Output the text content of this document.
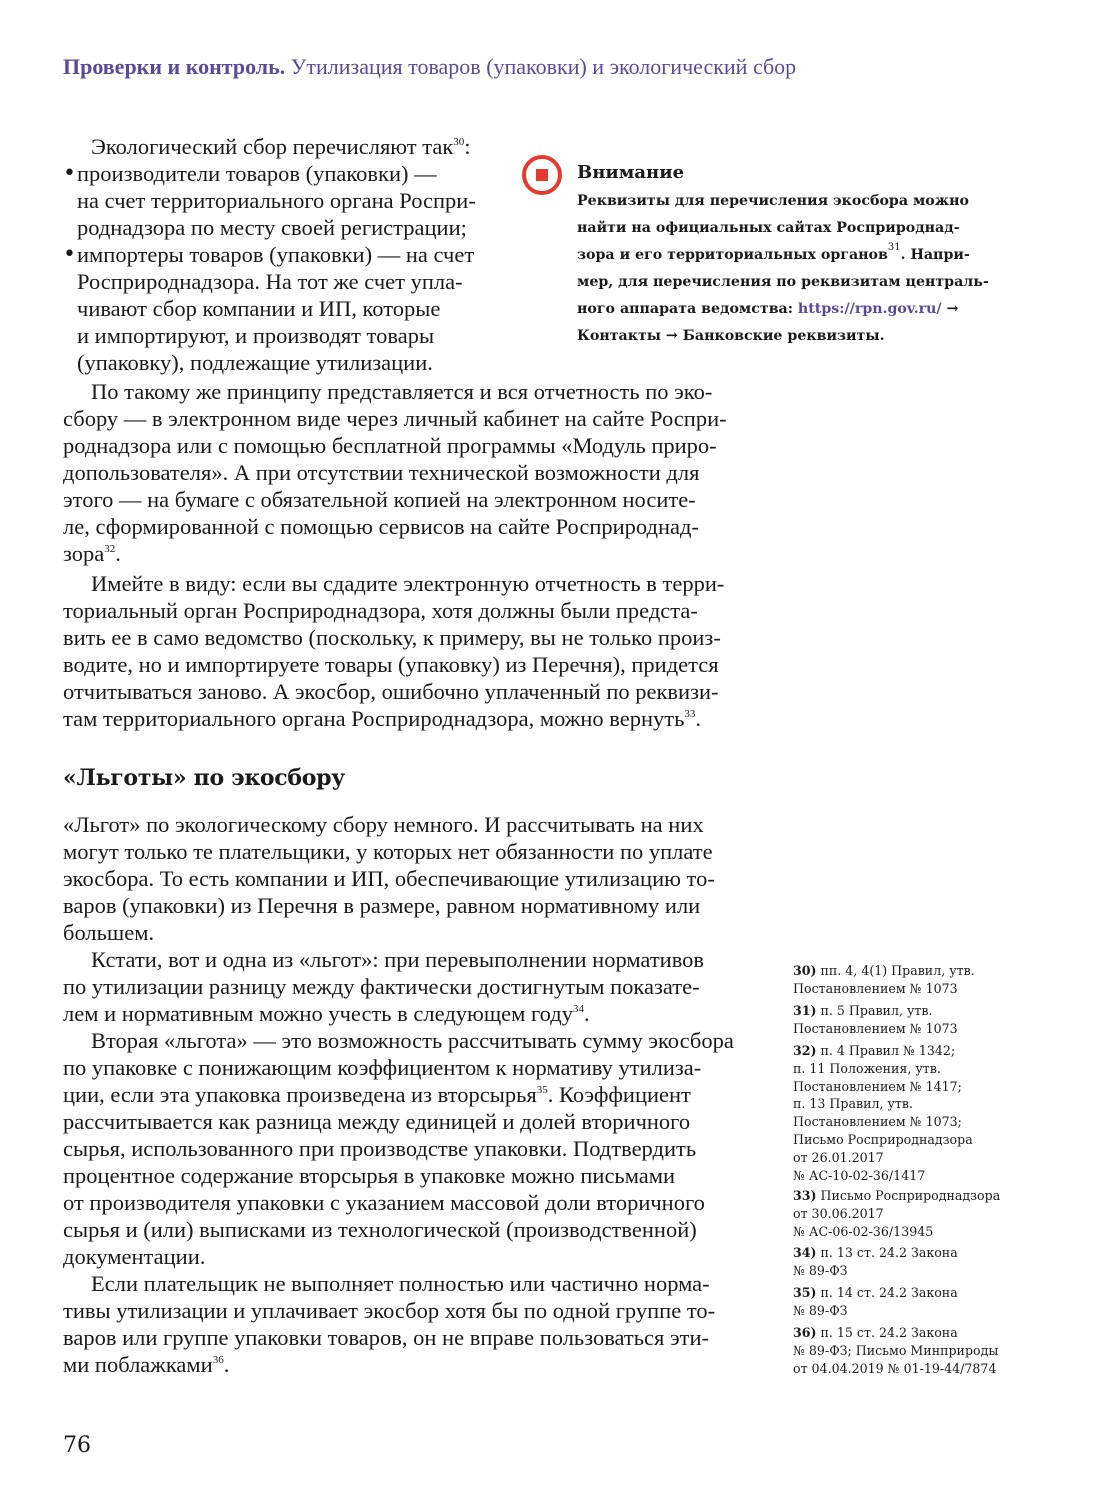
Проверки и контроль. Утилизация товаров (упаковки) и экологический сбор
Экологический сбор перечисляют так$^{30}$:
• производители товаров (упаковки) —
на счет территориального органа Роспри-
роднадзора по месту своей регистрации;
• импортеры товаров (упаковки) — на счет
Росприроднадзора. На тот же счет упла-
чивают сбор компании и ИП, которые
и импортируют, и производят товары
(упаковку), подлежащие утилизации.
Внимание
Реквизиты для перечисления экосбора можно
найти на официальных сайтах Росприроднад-
зора и его территориальных органов$^{31}$. Напри-
мер, для перечисления по реквизитам централь-
ного аппарата ведомства: https://rpn.gov.ru/ →
Контакты → Банковские реквизиты.
По такому же принципу представляется и вся отчетность по эко-
сбору — в электронном виде через личный кабинет на сайте Роспри-
роднадзора или с помощью бесплатной программы «Модуль приро-
допользователя». А при отсутствии технической возможности для
этого — на бумаге с обязательной копией на электронном носите-
ле, сформированной с помощью сервисов на сайте Росприроднад-
зора$^{32}$.
Имейте в виду: если вы сдадите электронную отчетность в терри-
ториальный орган Росприроднадзора, хотя должны были предста-
вить ее в само ведомство (поскольку, к примеру, вы не только произ-
водите, но и импортируете товары (упаковку) из Перечня), придется
отчитываться заново. А экосбор, ошибочно уплаченный по реквизи-
там территориального органа Росприроднадзора, можно вернуть$^{33}$.
«Льготы» по экосбору
«Льгот» по экологическому сбору немного. И рассчитывать на них
могут только те плательщики, у которых нет обязанности по уплате
экосбора. То есть компании и ИП, обеспечивающие утилизацию то-
варов (упаковки) из Перечня в размере, равном нормативному или
большем.
Кстати, вот и одна из «льгот»: при перевыполнении нормативов
по утилизации разницу между фактически достигнутым показате-
лем и нормативным можно учесть в следующем году$^{34}$.
Вторая «льгота» — это возможность рассчитывать сумму экосбора
по упаковке с понижающим коэффициентом к нормативу утилиза-
ции, если эта упаковка произведена из вторсырья$^{35}$. Коэффициент
рассчитывается как разница между единицей и долей вторичного
сырья, использованного при производстве упаковки. Подтвердить
процентное содержание вторсырья в упаковке можно письмами
от производителя упаковки с указанием массовой доли вторичного
сырья и (или) выписками из технологической (производственной)
документации.
Если плательщик не выполняет полностью или частично норма-
тивы утилизации и уплачивает экосбор хотя бы по одной группе то-
варов или группе упаковки товаров, он не вправе пользоваться эти-
ми поблажками$^{36}$.
30) пп. 4, 4(1) Правил, утв.
Постановлением № 1073
31) п. 5 Правил, утв.
Постановлением № 1073
32) п. 4 Правил № 1342;
п. 11 Положения, утв.
Постановлением № 1417;
п. 13 Правил, утв.
Постановлением № 1073;
Письмо Росприроднадзора
от 26.01.2017
№ АС-10-02-36/1417
33) Письмо Росприроднадзора
от 30.06.2017
№ АС-06-02-36/13945
34) п. 13 ст. 24.2 Закона
№ 89-ФЗ
35) п. 14 ст. 24.2 Закона
№ 89-ФЗ
36) п. 15 ст. 24.2 Закона
№ 89-ФЗ; Письмо Минприроды
от 04.04.2019 № 01-19-44/7874
76
